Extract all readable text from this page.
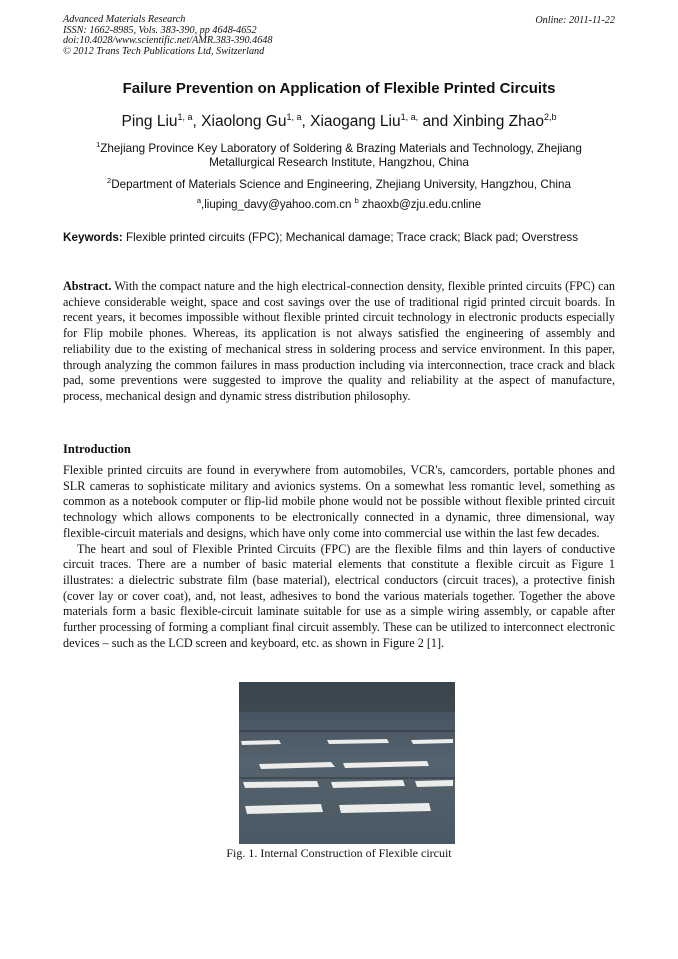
Advanced Materials Research
ISSN: 1662-8985, Vols. 383-390, pp 4648-4652
doi:10.4028/www.scientific.net/AMR.383-390.4648
© 2012 Trans Tech Publications Ltd, Switzerland
Online: 2011-11-22
Failure Prevention on Application of Flexible Printed Circuits
Ping Liu$^{1, a}$, Xiaolong Gu$^{1, a}$, Xiaogang Liu$^{1, a,}$ and Xinbing Zhao$^{2,b}$
$^1$Zhejiang Province Key Laboratory of Soldering & Brazing Materials and Technology, Zhejiang Metallurgical Research Institute, Hangzhou, China
$^2$Department of Materials Science and Engineering, Zhejiang University, Hangzhou, China
$^a$,liuping_davy@yahoo.com.cn $^b$ zhaoxb@zju.edu.cnline
Keywords: Flexible printed circuits (FPC); Mechanical damage; Trace crack; Black pad; Overstress
Abstract. With the compact nature and the high electrical-connection density, flexible printed circuits (FPC) can achieve considerable weight, space and cost savings over the use of traditional rigid printed circuit boards. In recent years, it becomes impossible without flexible printed circuit technology in electronic products especially for Flip mobile phones. Whereas, its application is not always satisfied the engineering of assembly and reliability due to the existing of mechanical stress in soldering process and service environment. In this paper, through analyzing the common failures in mass production including via interconnection, trace crack and black pad, some preventions were suggested to improve the quality and reliability at the aspect of manufacture, process, mechanical design and dynamic stress distribution philosophy.
Introduction
Flexible printed circuits are found in everywhere from automobiles, VCR's, camcorders, portable phones and SLR cameras to sophisticate military and avionics systems. On a somewhat less romantic level, something as common as a notebook computer or flip-lid mobile phone would not be possible without flexible printed circuit technology which allows components to be electronically connected in a dynamic, three dimensional, way flexible-circuit materials and designs, which have only come into commercial use within the last few decades.
The heart and soul of Flexible Printed Circuits (FPC) are the flexible films and thin layers of conductive circuit traces. There are a number of basic material elements that constitute a flexible circuit as Figure 1 illustrates: a dielectric substrate film (base material), electrical conductors (circuit traces), a protective finish (cover lay or cover coat), and, not least, adhesives to bond the various materials together. Together the above materials form a basic flexible-circuit laminate suitable for use as a simple wiring assembly, or capable after further processing of forming a compliant final circuit assembly. These can be utilized to interconnect electronic devices – such as the LCD screen and keyboard, etc. as shown in Figure 2 [1].
Fig. 1. Internal Construction of Flexible circuit
